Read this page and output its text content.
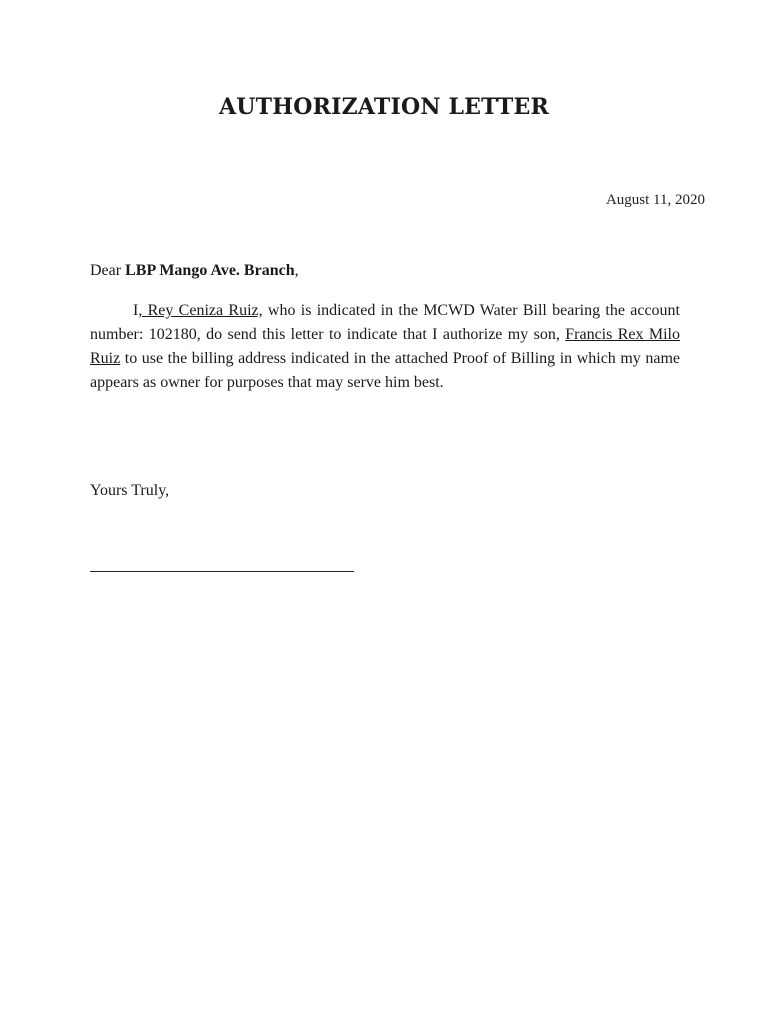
AUTHORIZATION LETTER
August 11, 2020
Dear LBP Mango Ave. Branch,

I, Rey Ceniza Ruiz, who is indicated in the MCWD Water Bill bearing the account number: 102180, do send this letter to indicate that I authorize my son, Francis Rex Milo Ruiz to use the billing address indicated in the attached Proof of Billing in which my name appears as owner for purposes that may serve him best.

Yours Truly,
